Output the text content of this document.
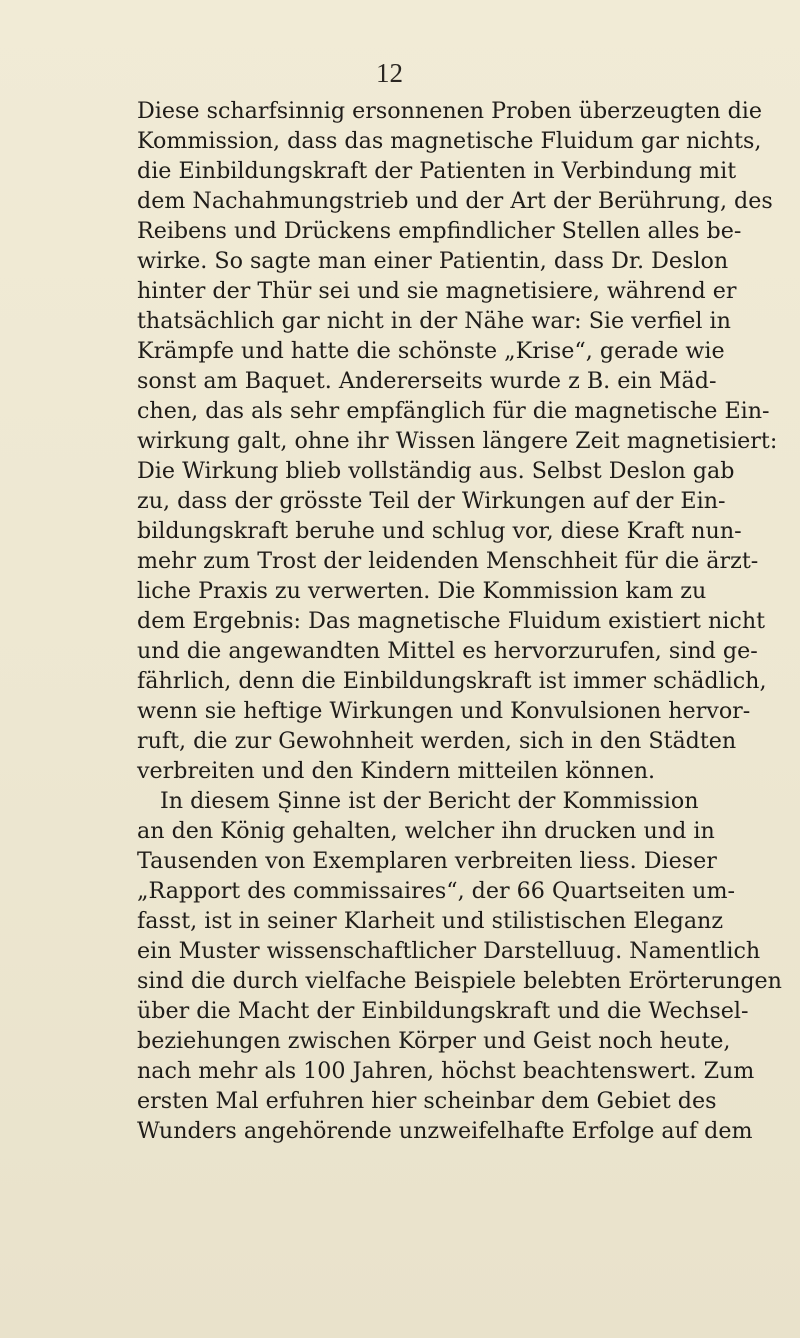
12
Diese scharfsinnig ersonnenen Proben überzeugten die
Kommission, dass das magnetische Fluidum gar nichts,
die Einbildungskraft der Patienten in Verbindung mit
dem Nachahmungstrieb und der Art der Berührung, des
Reibens und Drückens empfindlicher Stellen alles be-
wirke. So sagte man einer Patientin, dass Dr. Deslon
hinter der Thür sei und sie magnetisiere, während er
thatsächlich gar nicht in der Nähe war: Sie verfiel in
Krämpfe und hatte die schönste „Krise“, gerade wie
sonst am Baquet. Andererseits wurde z B. ein Mäd-
chen, das als sehr empfänglich für die magnetische Ein-
wirkung galt, ohne ihr Wissen längere Zeit magnetisiert:
Die Wirkung blieb vollständig aus. Selbst Deslon gab
zu, dass der grösste Teil der Wirkungen auf der Ein-
bildungskraft beruhe und schlug vor, diese Kraft nun-
mehr zum Trost der leidenden Menschheit für die ärzt-
liche Praxis zu verwerten. Die Kommission kam zu
dem Ergebnis: Das magnetische Fluidum existiert nicht
und die angewandten Mittel es hervorzurufen, sind ge-
fährlich, denn die Einbildungskraft ist immer schädlich,
wenn sie heftige Wirkungen und Konvulsionen hervor-
ruft, die zur Gewohnheit werden, sich in den Städten
verbreiten und den Kindern mitteilen können.
In diesem S̨inne ist der Bericht der Kommission
an den König gehalten, welcher ihn drucken und in
Tausenden von Exemplaren verbreiten liess. Dieser
„Rapport des commissaires“, der 66 Quartseiten um-
fasst, ist in seiner Klarheit und stilistischen Eleganz
ein Muster wissenschaftlicher Darstelluug. Namentlich
sind die durch vielfache Beispiele belebten Erörterungen
über die Macht der Einbildungskraft und die Wechsel-
beziehungen zwischen Körper und Geist noch heute,
nach mehr als 100 Jahren, höchst beachtenswert. Zum
ersten Mal erfuhren hier scheinbar dem Gebiet des
Wunders angehörende unzweifelhafte Erfolge auf dem
